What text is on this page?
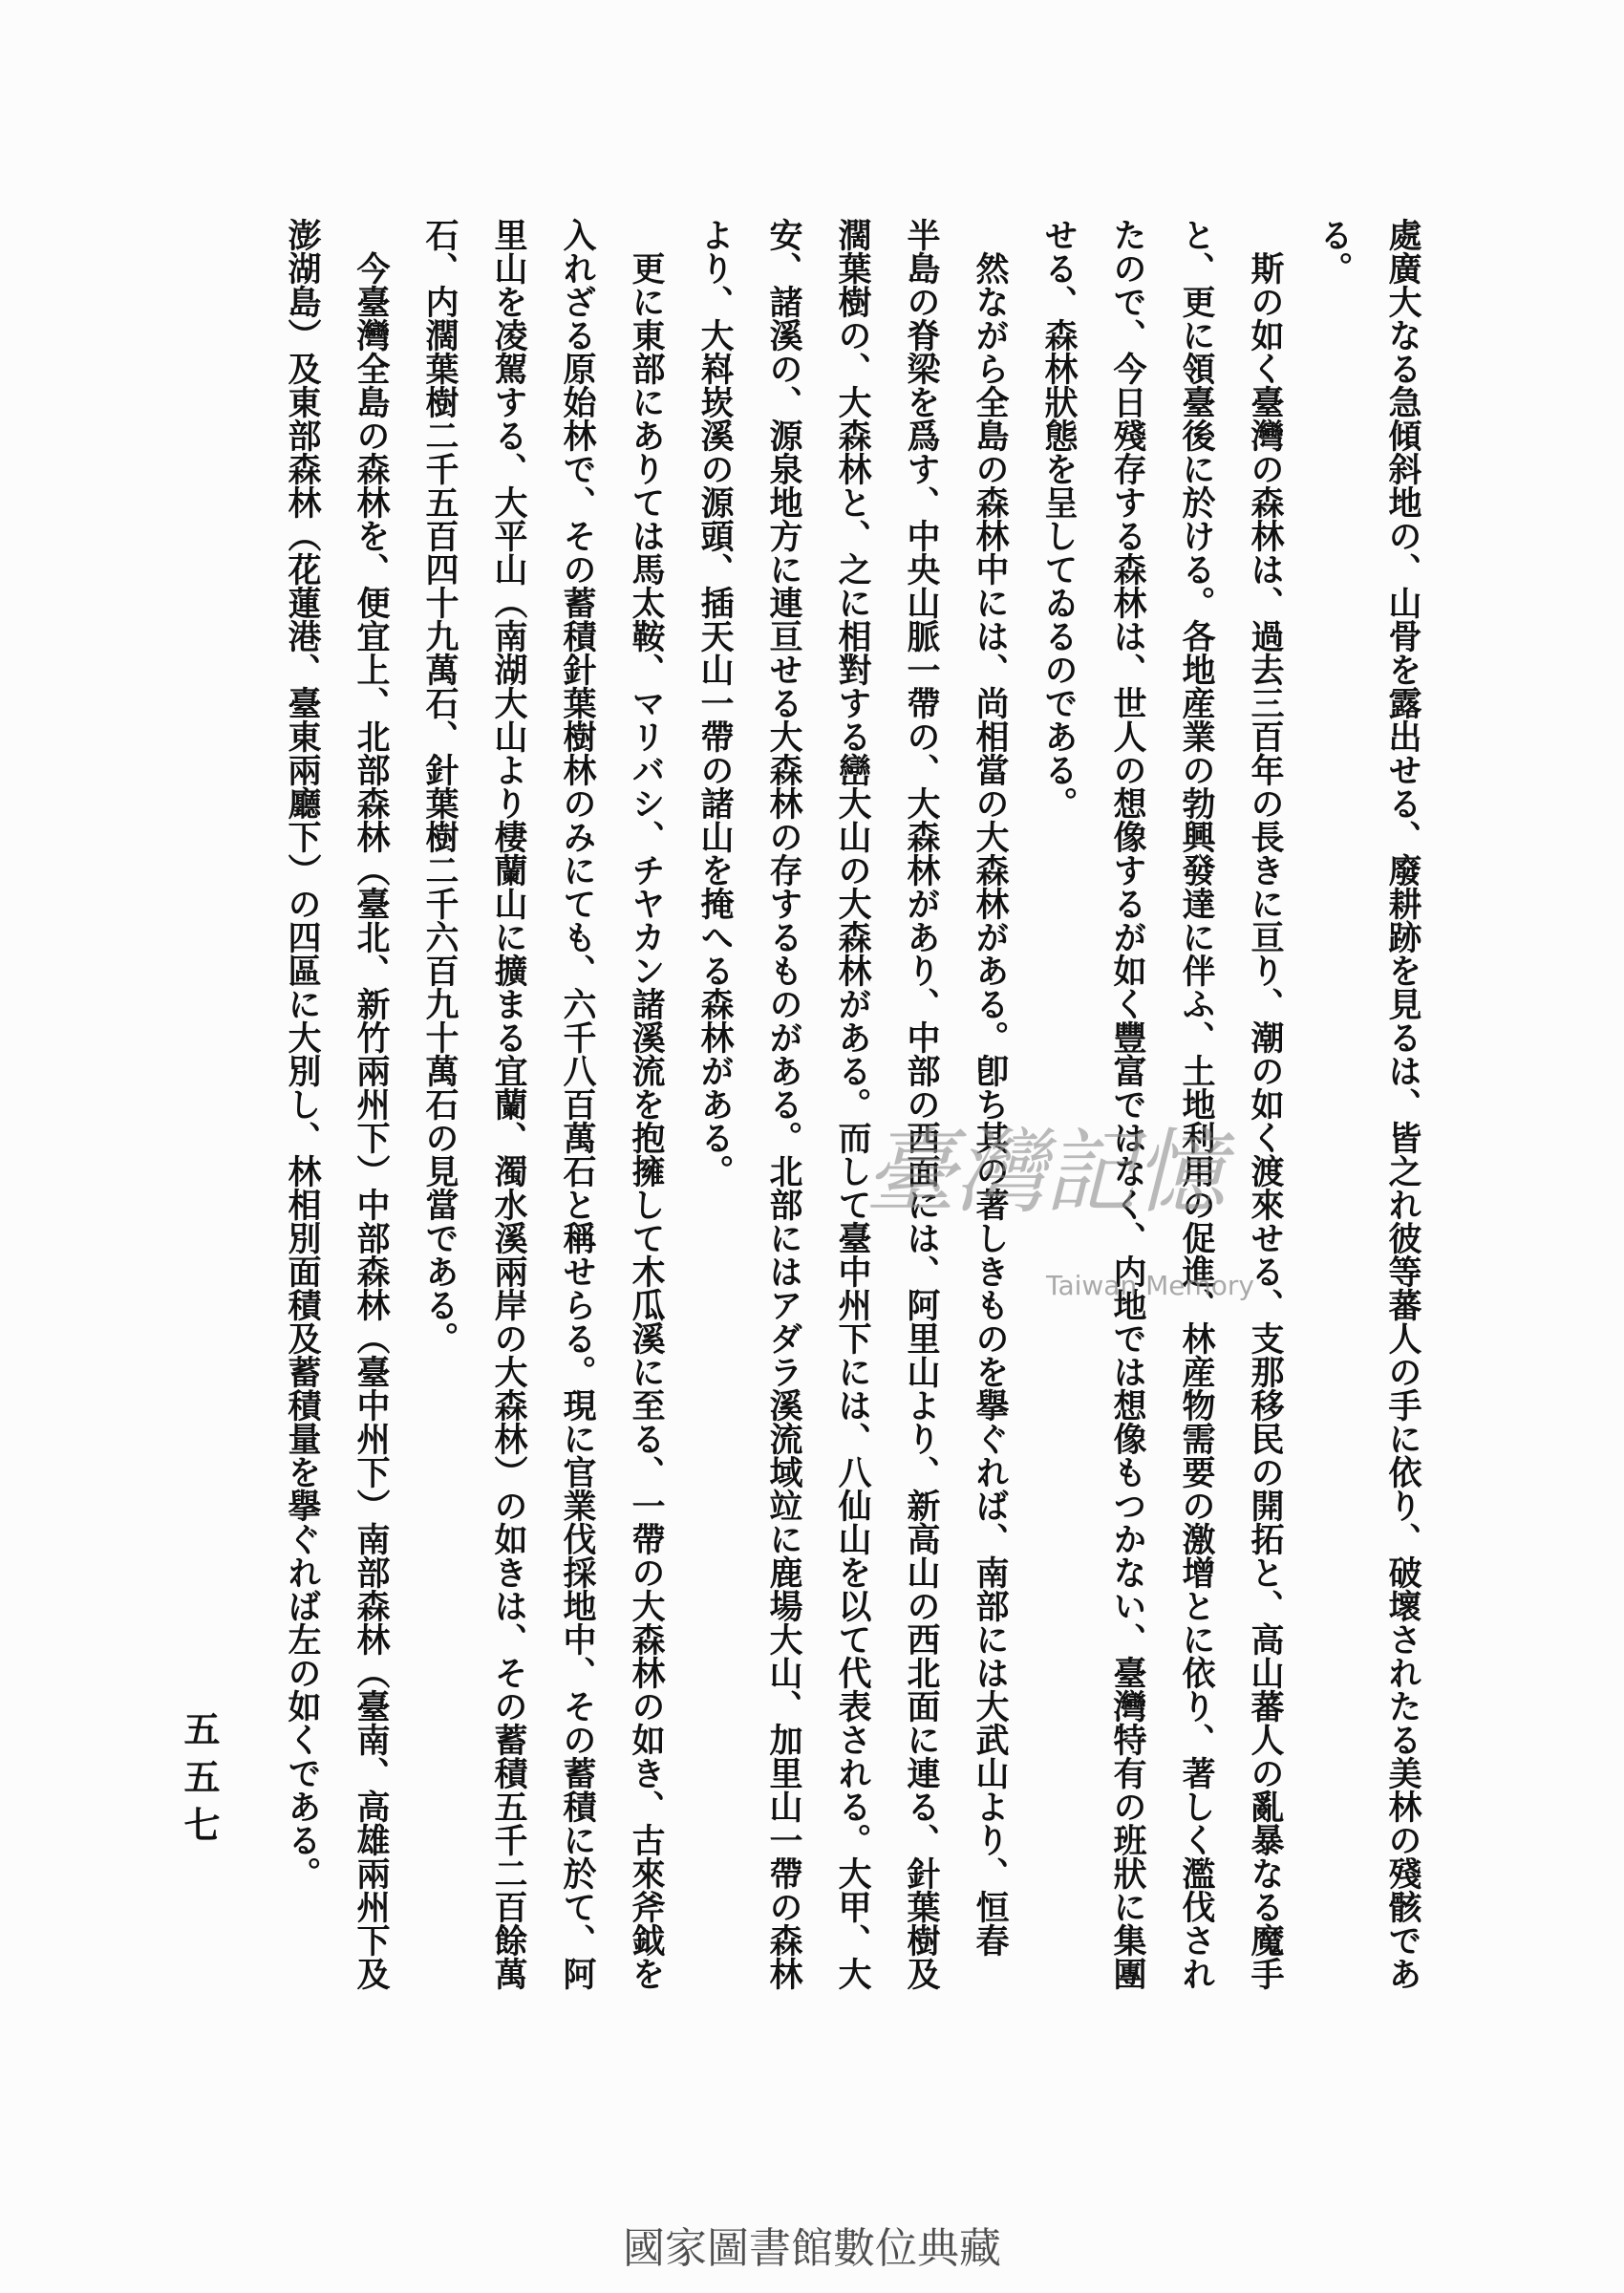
處廣大なる急傾斜地の、山骨を露出せる、廢耕跡を見るは、皆之れ彼等蕃人の手に依り、破壞されたる美林の殘骸であ
る。
斯の如く臺灣の森林は、過去三百年の長きに亘り、潮の如く渡來せる、支那移民の開拓と、高山蕃人の亂暴なる魔手
と、更に領臺後に於ける。各地産業の勃興發達に伴ふ、土地利用の促進、林産物需要の激增とに依り、著しく濫伐され
たので、今日殘存する森林は、世人の想像するが如く豐富ではなく、内地では想像もつかない、臺灣特有の班狀に集團
せる、森林狀態を呈してゐるのである。
然ながら全島の森林中には、尚相當の大森林がある。卽ち其の著しきものを擧ぐれば、南部には大武山より、恒春
半島の脊梁を爲す、中央山脈一帶の、大森林があり、中部の西面には、阿里山より、新高山の西北面に連る、針葉樹及
濶葉樹の、大森林と、之に相對する巒大山の大森林がある。而して臺中州下には、八仙山を以て代表される。大甲、大
安、諸溪の、源泉地方に連亘せる大森林の存するものがある。北部にはアダラ溪流域竝に鹿場大山、加里山一帶の森林
より、大嵙崁溪の源頭、插天山一帶の諸山を掩へる森林がある。
更に東部にありては馬太鞍、マリバシ、チヤカン諸溪流を抱擁して木瓜溪に至る、一帶の大森林の如き、古來斧鉞を
入れざる原始林で、その蓄積針葉樹林のみにても、六千八百萬石と稱せらる。現に官業伐採地中、その蓄積に於て、阿
里山を凌駕する、大平山（南湖大山より棲蘭山に擴まる宜蘭、濁水溪兩岸の大森林）の如きは、その蓄積五千二百餘萬
石、内濶葉樹二千五百四十九萬石、針葉樹二千六百九十萬石の見當である。
今臺灣全島の森林を、便宜上、北部森林（臺北、新竹兩州下）中部森林（臺中州下）南部森林（臺南、高雄兩州下及
澎湖島）及東部森林（花蓮港、臺東兩廳下）の四區に大別し、林相別面積及蓄積量を擧ぐれば左の如くである。
五五七
臺灣記憶
Taiwan Memory
國家圖書館數位典藏
